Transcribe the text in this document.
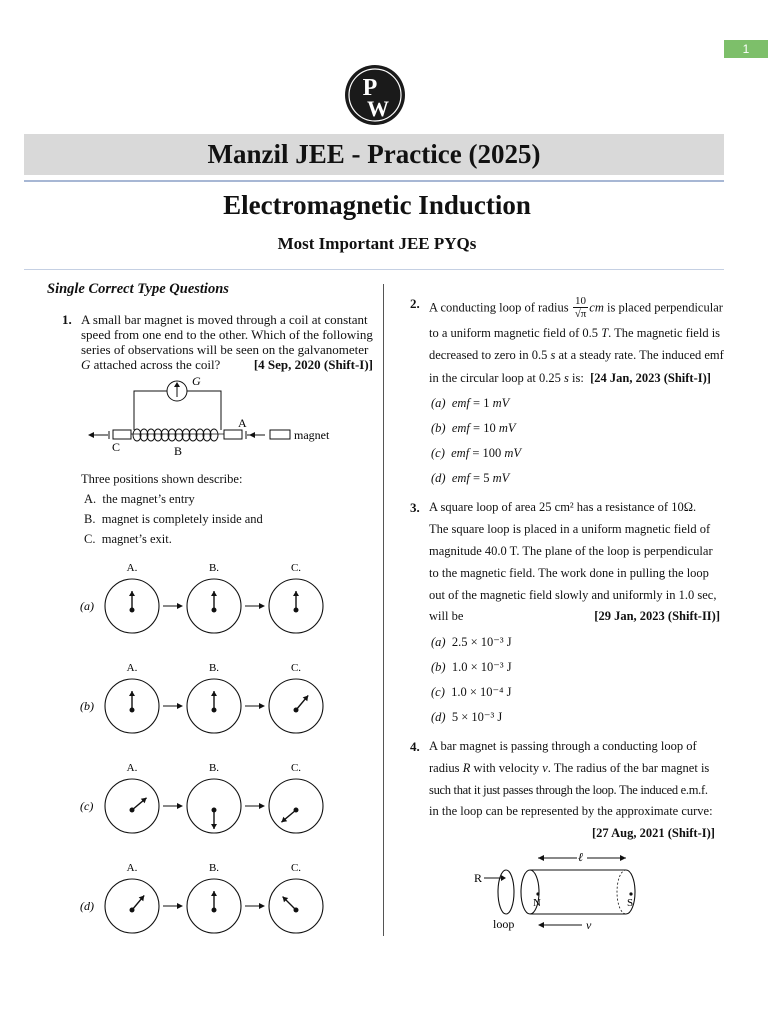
1
P
W
Manzil JEE - Practice (2025)
Electromagnetic Induction
Most Important JEE PYQs
Single Correct Type Questions
1. A small bar magnet is moved through a coil at constant
speed from one end to the other. Which of the following
series of observations will be seen on the galvanometer
G attached across the coil?	[4 Sep, 2020 (Shift-I)]
G
magnet
A
B
C
Three positions shown describe:
A. the magnet’s entry
B. magnet is completely inside and
C. magnet’s exit.
(a)
A.	B.	C.
(b)
A.	B.	C.
(c)
A.	B.	C.
(d)
A.	B.	C.
2. A conducting loop of radius $\frac{10}{√\pi}$ cm is placed perpendicular
to a uniform magnetic field of 0.5 T. The magnetic field is
decreased to zero in 0.5 s at a steady rate. The induced emf
in the circular loop at 0.25 s is: [24 Jan, 2023 (Shift-I)]
(a) emf = 1 mV
(b) emf = 10 mV
(c) emf = 100 mV
(d) emf = 5 mV
3. A square loop of area 25 cm² has a resistance of 10Ω.
The square loop is placed in a uniform magnetic field of
magnitude 40.0 T. The plane of the loop is perpendicular
to the magnetic field. The work done in pulling the loop
out of the magnetic field slowly and uniformly in 1.0 sec,
will be	[29 Jan, 2023 (Shift-II)]
(a) 2.5 × 10⁻³ J
(b) 1.0 × 10⁻³ J
(c) 1.0 × 10⁻⁴ J
(d) 5 × 10⁻³ J
4. A bar magnet is passing through a conducting loop of
radius R with velocity v. The radius of the bar magnet is
such that it just passes through the loop. The induced e.m.f.
in the loop can be represented by the approximate curve:
[27 Aug, 2021 (Shift-I)]
R
loop
N	S
ℓ
v
